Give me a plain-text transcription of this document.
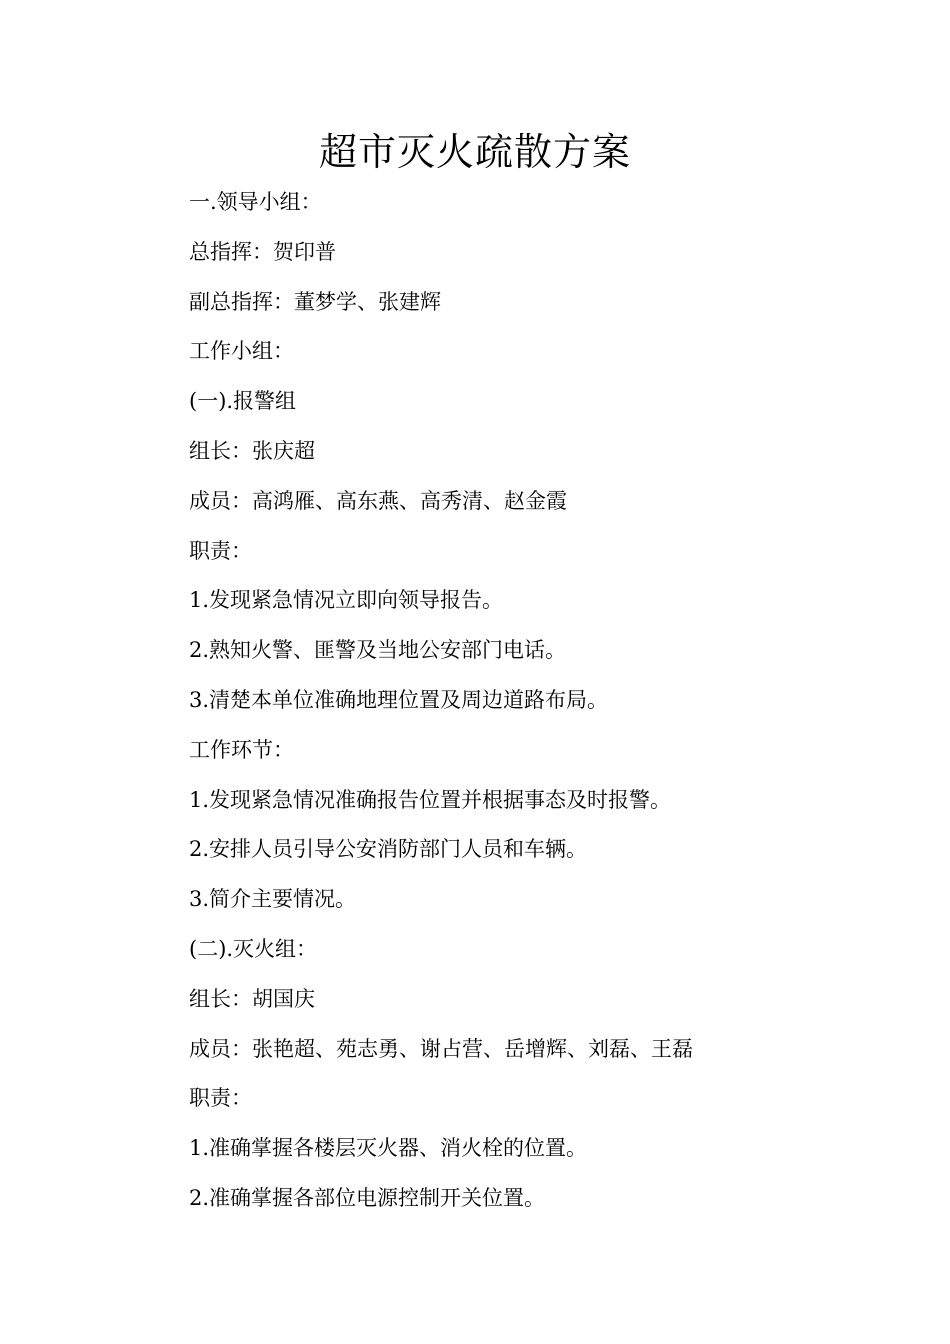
超市灭火疏散方案
一.领导小组：
总指挥：贺印普
副总指挥：董梦学、张建辉
工作小组：
(一).报警组
组长：张庆超
成员：高鸿雁、高东燕、高秀清、赵金霞
职责：
1.发现紧急情况立即向领导报告。
2.熟知火警、匪警及当地公安部门电话。
3.清楚本单位准确地理位置及周边道路布局。
工作环节：
1.发现紧急情况准确报告位置并根据事态及时报警。
2.安排人员引导公安消防部门人员和车辆。
3.简介主要情况。
(二).灭火组：
组长：胡国庆
成员：张艳超、苑志勇、谢占营、岳增辉、刘磊、王磊
职责：
1.准确掌握各楼层灭火器、消火栓的位置。
2.准确掌握各部位电源控制开关位置。
